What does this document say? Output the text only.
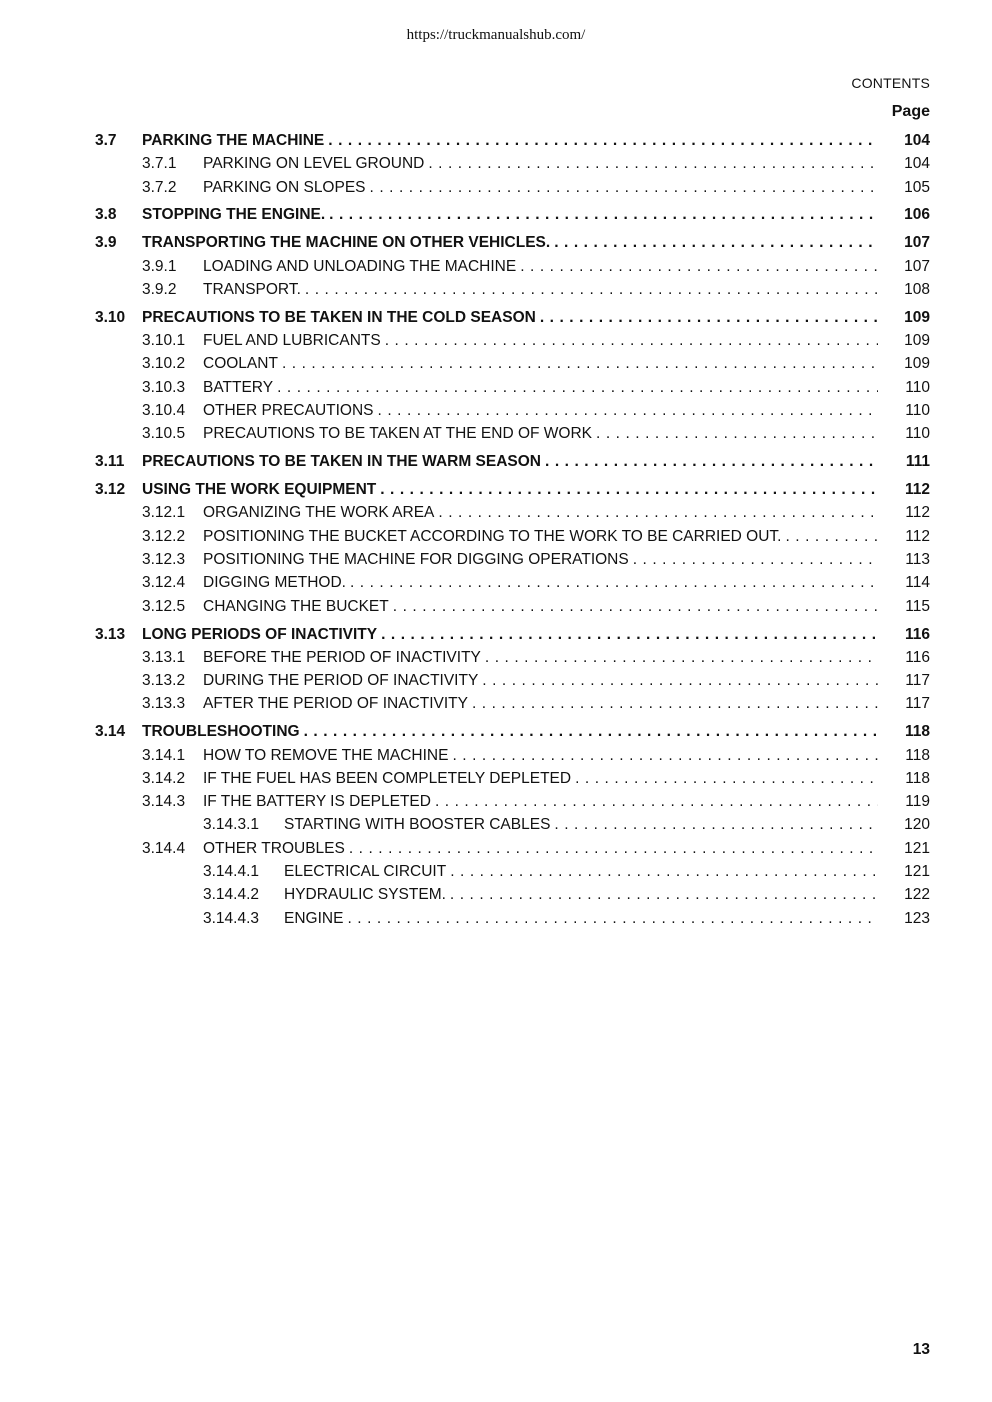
https://truckmanualshub.com/
CONTENTS
Page
3.7 PARKING THE MACHINE . . .	104
3.7.1 PARKING ON LEVEL GROUND . . .	104
3.7.2 PARKING ON SLOPES . . .	105
3.8 STOPPING THE ENGINE. . . .	106
3.9 TRANSPORTING THE MACHINE ON OTHER VEHICLES. . . .	107
3.9.1 LOADING AND UNLOADING THE MACHINE . . .	107
3.9.2 TRANSPORT. . . .	108
3.10 PRECAUTIONS TO BE TAKEN IN THE COLD SEASON . . .	109
3.10.1 FUEL AND LUBRICANTS . . .	109
3.10.2 COOLANT . . .	109
3.10.3 BATTERY . . .	110
3.10.4 OTHER PRECAUTIONS . . .	110
3.10.5 PRECAUTIONS TO BE TAKEN AT THE END OF WORK . . .	110
3.11 PRECAUTIONS TO BE TAKEN IN THE WARM SEASON . . .	111
3.12 USING THE WORK EQUIPMENT . . .	112
3.12.1 ORGANIZING THE WORK AREA . . .	112
3.12.2 POSITIONING THE BUCKET ACCORDING TO THE WORK TO BE CARRIED OUT. . . .	112
3.12.3 POSITIONING THE MACHINE FOR DIGGING OPERATIONS . . .	113
3.12.4 DIGGING METHOD. . . .	114
3.12.5 CHANGING THE BUCKET . . .	115
3.13 LONG PERIODS OF INACTIVITY . . .	116
3.13.1 BEFORE THE PERIOD OF INACTIVITY . . .	116
3.13.2 DURING THE PERIOD OF INACTIVITY . . .	117
3.13.3 AFTER THE PERIOD OF INACTIVITY . . .	117
3.14 TROUBLESHOOTING . . .	118
3.14.1 HOW TO REMOVE THE MACHINE . . .	118
3.14.2 IF THE FUEL HAS BEEN COMPLETELY DEPLETED . . .	118
3.14.3 IF THE BATTERY IS DEPLETED . . .	119
3.14.3.1 STARTING WITH BOOSTER CABLES . . .	120
3.14.4 OTHER TROUBLES . . .	121
3.14.4.1 ELECTRICAL CIRCUIT . . .	121
3.14.4.2 HYDRAULIC SYSTEM. . . .	122
3.14.4.3 ENGINE . . .	123
13
